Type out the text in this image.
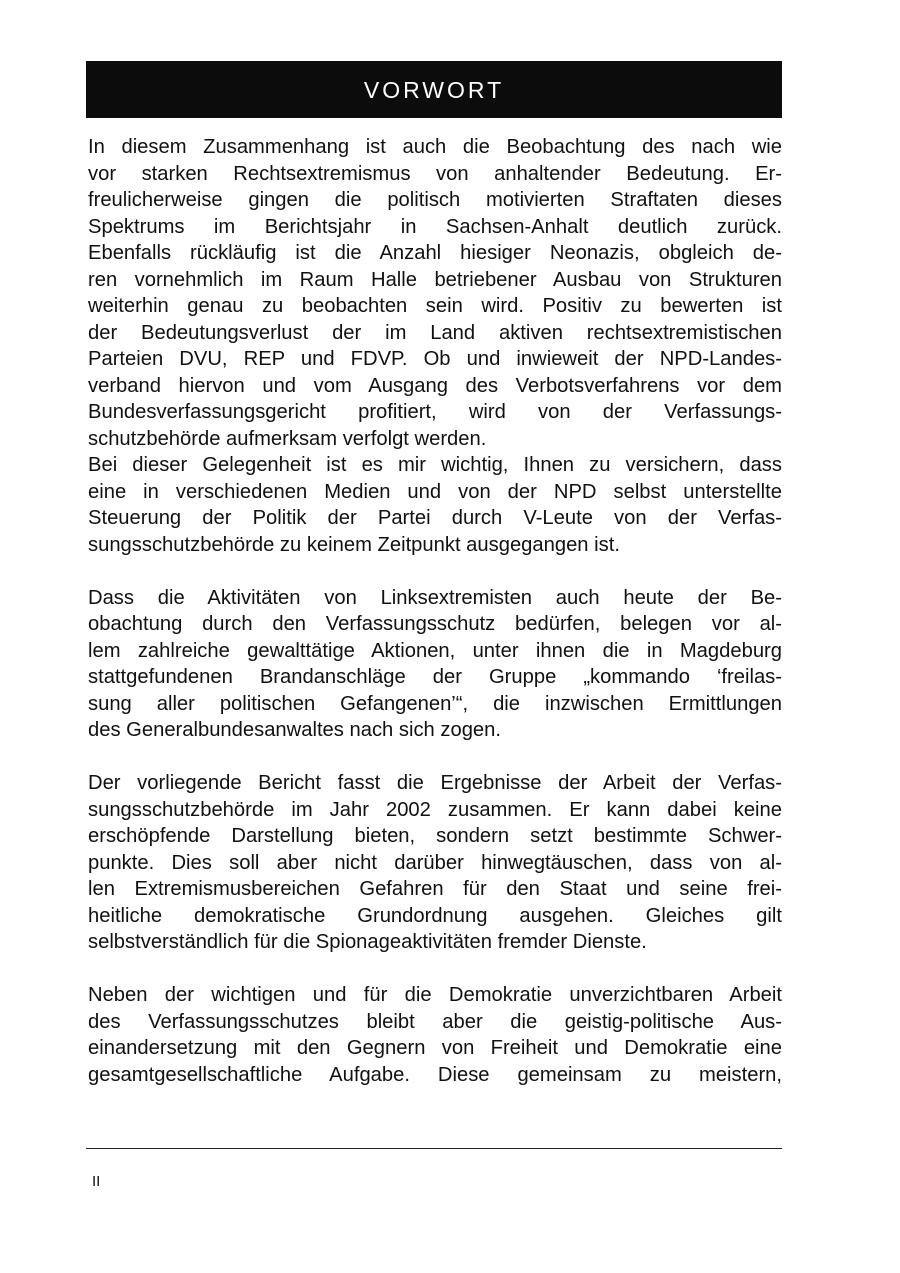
VORWORT
In diesem Zusammenhang ist auch die Beobachtung des nach wie
vor starken Rechtsextremismus von anhaltender Bedeutung. Er-
freulicherweise gingen die politisch motivierten Straftaten dieses
Spektrums im Berichtsjahr in Sachsen-Anhalt deutlich zurück.
Ebenfalls rückläufig ist die Anzahl hiesiger Neonazis, obgleich de-
ren vornehmlich im Raum Halle betriebener Ausbau von Strukturen
weiterhin genau zu beobachten sein wird. Positiv zu bewerten ist
der Bedeutungsverlust der im Land aktiven rechtsextremistischen
Parteien DVU, REP und FDVP. Ob und inwieweit der NPD-Landes-
verband hiervon und vom Ausgang des Verbotsverfahrens vor dem
Bundesverfassungsgericht profitiert, wird von der Verfassungs-
schutzbehörde aufmerksam verfolgt werden.
Bei dieser Gelegenheit ist es mir wichtig, Ihnen zu versichern, dass
eine in verschiedenen Medien und von der NPD selbst unterstellte
Steuerung der Politik der Partei durch V-Leute von der Verfas-
sungsschutzbehörde zu keinem Zeitpunkt ausgegangen ist.
Dass die Aktivitäten von Linksextremisten auch heute der Be-
obachtung durch den Verfassungsschutz bedürfen, belegen vor al-
lem zahlreiche gewalttätige Aktionen, unter ihnen die in Magdeburg
stattgefundenen Brandanschläge der Gruppe „kommando ‘freilas-
sung aller politischen Gefangenen’“, die inzwischen Ermittlungen
des Generalbundesanwaltes nach sich zogen.
Der vorliegende Bericht fasst die Ergebnisse der Arbeit der Verfas-
sungsschutzbehörde im Jahr 2002 zusammen. Er kann dabei keine
erschöpfende Darstellung bieten, sondern setzt bestimmte Schwer-
punkte. Dies soll aber nicht darüber hinwegtäuschen, dass von al-
len Extremismusbereichen Gefahren für den Staat und seine frei-
heitliche demokratische Grundordnung ausgehen. Gleiches gilt
selbstverständlich für die Spionageaktivitäten fremder Dienste.
Neben der wichtigen und für die Demokratie unverzichtbaren Arbeit
des Verfassungsschutzes bleibt aber die geistig-politische Aus-
einandersetzung mit den Gegnern von Freiheit und Demokratie eine
gesamtgesellschaftliche Aufgabe. Diese gemeinsam zu meistern,
II
